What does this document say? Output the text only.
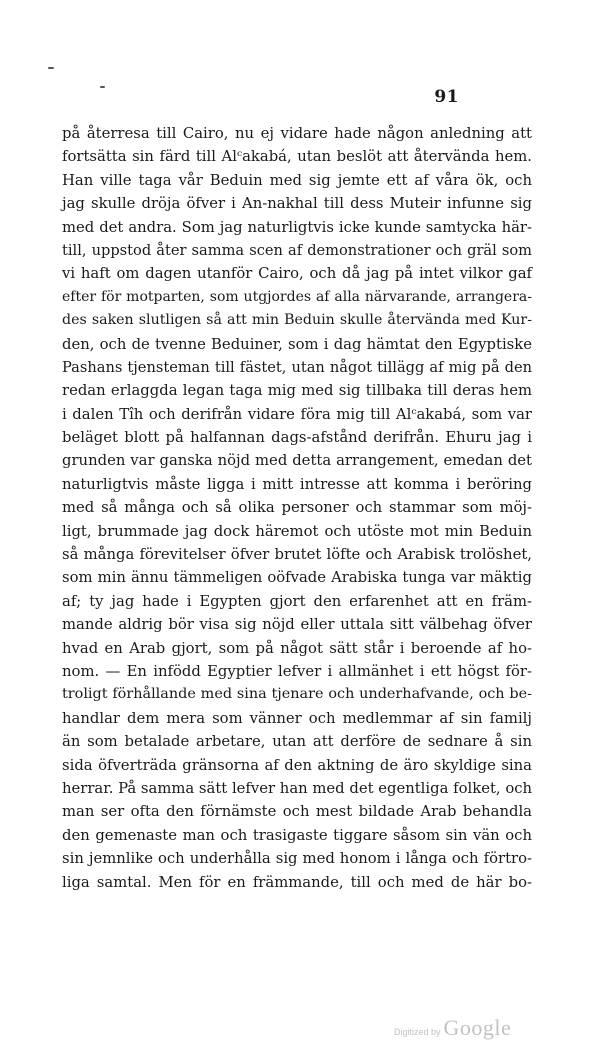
91
på återresa till Cairo, nu ej vidare hade någon anledning att
fortsätta sin färd till Alᶜakabá, utan beslöt att återvända hem.
Han ville taga vår Beduin med sig jemte ett af våra ök, och
jag skulle dröja öfver i An-nakhal till dess Muteir infunne sig
med det andra. Som jag naturligtvis icke kunde samtycka här-
till, uppstod åter samma scen af demonstrationer och gräl som
vi haft om dagen utanför Cairo, och då jag på intet vilkor gaf
efter för motparten, som utgjordes af alla närvarande, arrangera-
des saken slutligen så att min Beduin skulle återvända med Kur-
den, och de tvenne Beduiner, som i dag hämtat den Egyptiske
Pashans tjensteman till fästet, utan något tillägg af mig på den
redan erlaggda legan taga mig med sig tillbaka till deras hem
i dalen Tîh och derifrån vidare föra mig till Alᶜakabá, som var
beläget blott på halfannan dags-afstånd derifrån. Ehuru jag i
grunden var ganska nöjd med detta arrangement, emedan det
naturligtvis måste ligga i mitt intresse att komma i beröring
med så många och så olika personer och stammar som möj-
ligt, brummade jag dock häremot och utöste mot min Beduin
så många förevitelser öfver brutet löfte och Arabisk trolöshet,
som min ännu tämmeligen oöfvade Arabiska tunga var mäktig
af; ty jag hade i Egypten gjort den erfarenhet att en främ-
mande aldrig bör visa sig nöjd eller uttala sitt välbehag öfver
hvad en Arab gjort, som på något sätt står i beroende af ho-
nom. — En infödd Egyptier lefver i allmänhet i ett högst för-
troligt förhållande med sina tjenare och underhafvande, och be-
handlar dem mera som vänner och medlemmar af sin familj
än som betalade arbetare, utan att derföre de sednare å sin
sida öfverträda gränsorna af den aktning de äro skyldige sina
herrar. På samma sätt lefver han med det egentliga folket, och
man ser ofta den förnämste och mest bildade Arab behandla
den gemenaste man och trasigaste tiggare såsom sin vän och
sin jemnlike och underhålla sig med honom i långa och förtro-
liga samtal. Men för en främmande, till och med de här bo-
Digitized by Google
